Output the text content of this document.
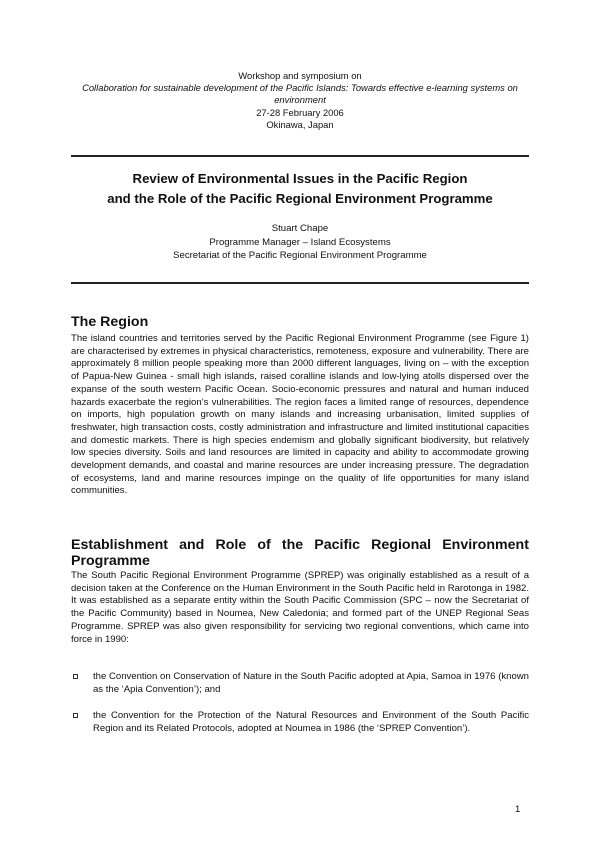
Workshop and symposium on
Collaboration for sustainable development of the Pacific Islands: Towards effective e-learning systems on environment
27-28 February 2006
Okinawa, Japan
Review of Environmental Issues in the Pacific Region
and the Role of the Pacific Regional Environment Programme
Stuart Chape
Programme Manager – Island Ecosystems
Secretariat of the Pacific Regional Environment Programme
The Region
The island countries and territories served by the Pacific Regional Environment Programme (see Figure 1) are characterised by extremes in physical characteristics, remoteness, exposure and vulnerability. There are approximately 8 million people speaking more than 2000 different languages, living on – with the exception of Papua-New Guinea - small high islands, raised coralline islands and low-lying atolls dispersed over the expanse of the south western Pacific Ocean. Socio-economic pressures and natural and human induced hazards exacerbate the region’s vulnerabilities. The region faces a limited range of resources, dependence on imports, high population growth on many islands and increasing urbanisation, limited supplies of freshwater, high transaction costs, costly administration and infrastructure and limited institutional capacities and domestic markets. There is high species endemism and globally significant biodiversity, but relatively low species diversity. Soils and land resources are limited in capacity and ability to accommodate growing development demands, and coastal and marine resources are under increasing pressure. The degradation of ecosystems, land and marine resources impinge on the quality of life opportunities for many island communities.
Establishment and Role of the Pacific Regional Environment
Programme
The South Pacific Regional Environment Programme (SPREP) was originally established as a result of a decision taken at the Conference on the Human Environment in the South Pacific held in Rarotonga in 1982. It was established as a separate entity within the South Pacific Commission (SPC – now the Secretariat of the Pacific Community) based in Noumea, New Caledonia; and formed part of the UNEP Regional Seas Programme. SPREP was also given responsibility for servicing two regional conventions, which came into force in 1990:
the Convention on Conservation of Nature in the South Pacific adopted at Apia, Samoa in 1976 (known as the ‘Apia Convention’); and
the Convention for the Protection of the Natural Resources and Environment of the South Pacific Region and its Related Protocols, adopted at Noumea in 1986 (the ‘SPREP Convention’).
1
